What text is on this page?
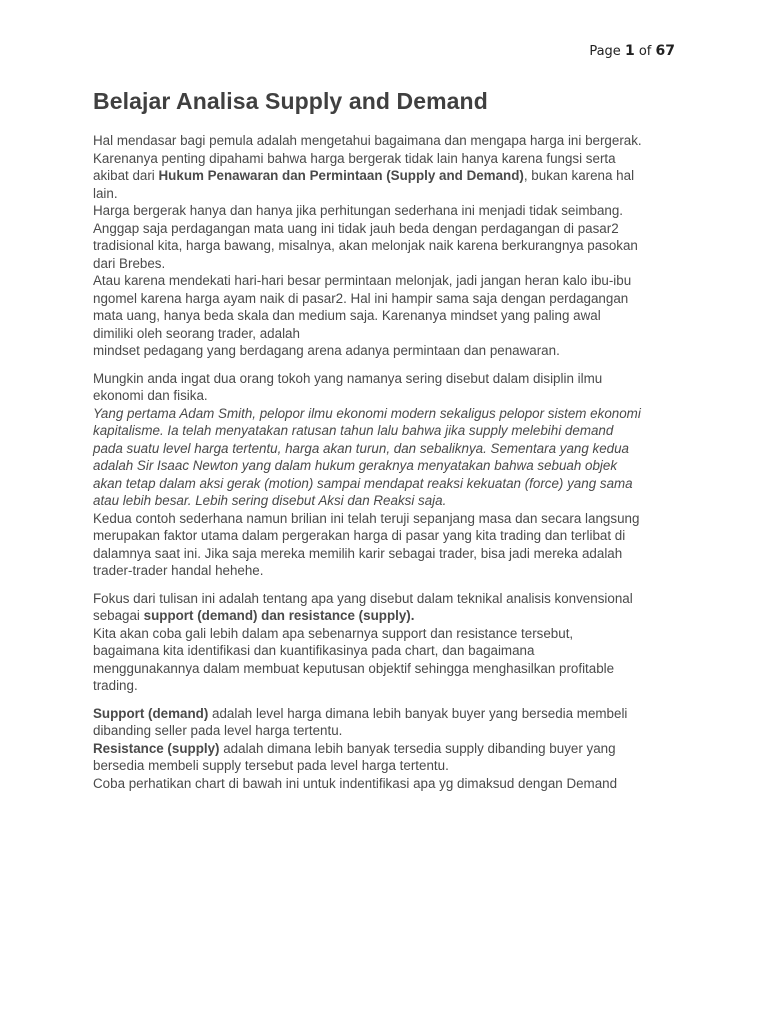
Page 1 of 67
Belajar Analisa Supply and Demand
Hal mendasar bagi pemula adalah mengetahui bagaimana dan mengapa harga ini bergerak.
Karenanya penting dipahami bahwa harga bergerak tidak lain hanya karena fungsi serta
akibat dari Hukum Penawaran dan Permintaan (Supply and Demand), bukan karena hal
lain.
Harga bergerak hanya dan hanya jika perhitungan sederhana ini menjadi tidak seimbang.
Anggap saja perdagangan mata uang ini tidak jauh beda dengan perdagangan di pasar2
tradisional kita, harga bawang, misalnya, akan melonjak naik karena berkurangnya pasokan
dari Brebes.
Atau karena mendekati hari-hari besar permintaan melonjak, jadi jangan heran kalo ibu-ibu
ngomel karena harga ayam naik di pasar2. Hal ini hampir sama saja dengan perdagangan
mata uang, hanya beda skala dan medium saja. Karenanya mindset yang paling awal
dimiliki oleh seorang trader, adalah
mindset pedagang yang berdagang arena adanya permintaan dan penawaran.
Mungkin anda ingat dua orang tokoh yang namanya sering disebut dalam disiplin ilmu
ekonomi dan fisika.
Yang pertama Adam Smith, pelopor ilmu ekonomi modern sekaligus pelopor sistem ekonomi
kapitalisme. Ia telah menyatakan ratusan tahun lalu bahwa jika supply melebihi demand
pada suatu level harga tertentu, harga akan turun, dan sebaliknya. Sementara yang kedua
adalah Sir Isaac Newton yang dalam hukum geraknya menyatakan bahwa sebuah objek
akan tetap dalam aksi gerak (motion) sampai mendapat reaksi kekuatan (force) yang sama
atau lebih besar. Lebih sering disebut Aksi dan Reaksi saja.
Kedua contoh sederhana namun brilian ini telah teruji sepanjang masa dan secara langsung
merupakan faktor utama dalam pergerakan harga di pasar yang kita trading dan terlibat di
dalamnya saat ini. Jika saja mereka memilih karir sebagai trader, bisa jadi mereka adalah
trader-trader handal hehehe.
Fokus dari tulisan ini adalah tentang apa yang disebut dalam teknikal analisis konvensional
sebagai support (demand) dan resistance (supply).
Kita akan coba gali lebih dalam apa sebenarnya support dan resistance tersebut,
bagaimana kita identifikasi dan kuantifikasinya pada chart, dan bagaimana
menggunakannya dalam membuat keputusan objektif sehingga menghasilkan profitable
trading.
Support (demand) adalah level harga dimana lebih banyak buyer yang bersedia membeli
dibanding seller pada level harga tertentu.
Resistance (supply) adalah dimana lebih banyak tersedia supply dibanding buyer yang
bersedia membeli supply tersebut pada level harga tertentu.
Coba perhatikan chart di bawah ini untuk indentifikasi apa yg dimaksud dengan Demand
